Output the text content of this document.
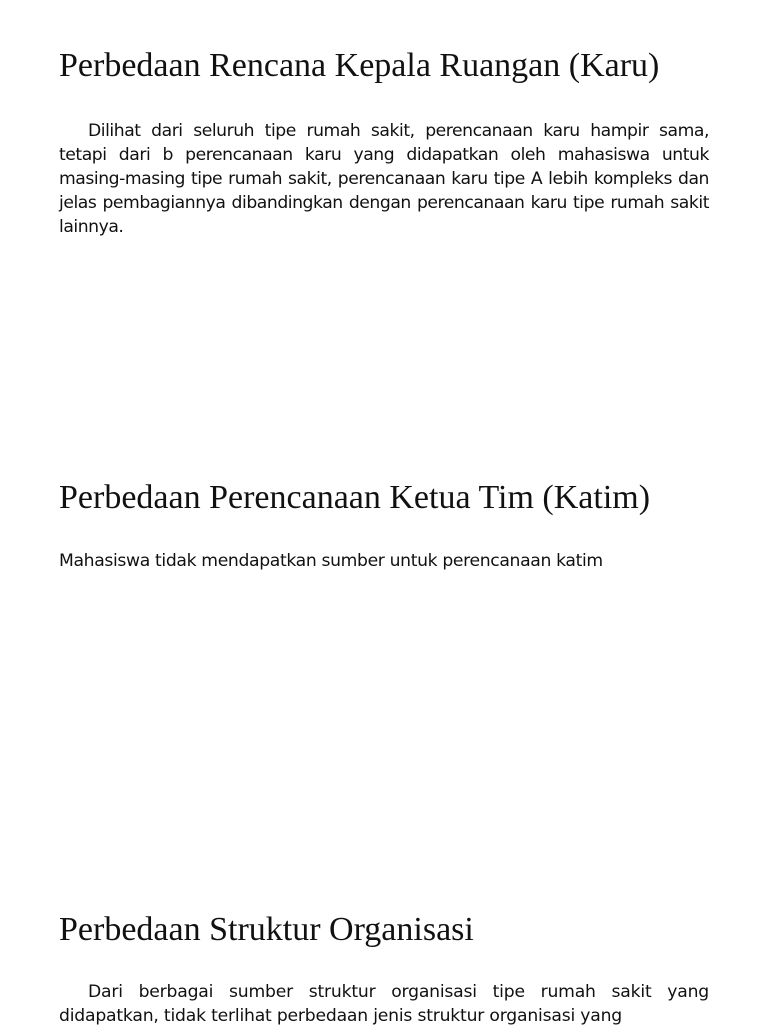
Perbedaan Rencana Kepala Ruangan (Karu)

Dilihat dari seluruh tipe rumah sakit, perencanaan karu hampir sama, tetapi dari b perencanaan karu yang didapatkan oleh mahasiswa untuk masing-masing tipe rumah sakit, perencanaan karu tipe A lebih kompleks dan jelas pembagiannya dibandingkan dengan perencanaan karu tipe rumah sakit lainnya.

Perbedaan Perencanaan Ketua Tim (Katim)

Mahasiswa tidak mendapatkan sumber untuk perencanaan katim

Perbedaan Struktur Organisasi

Dari berbagai sumber struktur organisasi tipe rumah sakit yang didapatkan, tidak terlihat perbedaan jenis struktur organisasi yang
